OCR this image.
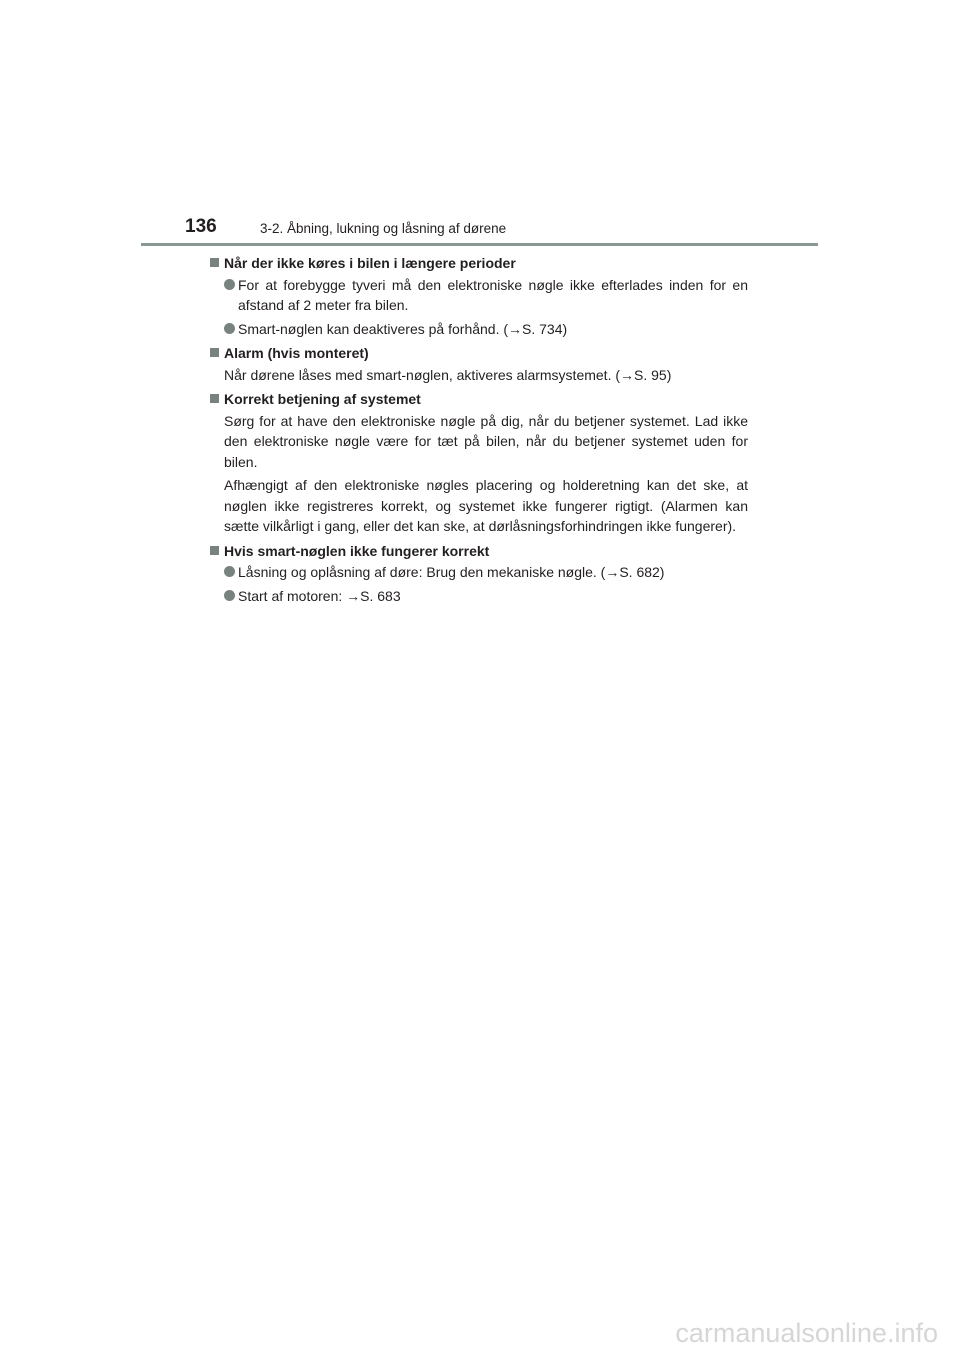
136	3-2. Åbning, lukning og låsning af dørene
Når der ikke køres i bilen i længere perioder
For at forebygge tyveri må den elektroniske nøgle ikke efterlades inden for en afstand af 2 meter fra bilen.
Smart-nøglen kan deaktiveres på forhånd. (→S. 734)
Alarm (hvis monteret)
Når dørene låses med smart-nøglen, aktiveres alarmsystemet. (→S. 95)
Korrekt betjening af systemet
Sørg for at have den elektroniske nøgle på dig, når du betjener systemet. Lad ikke den elektroniske nøgle være for tæt på bilen, når du betjener systemet uden for bilen.
Afhængigt af den elektroniske nøgles placering og holderetning kan det ske, at nøglen ikke registreres korrekt, og systemet ikke fungerer rigtigt. (Alarmen kan sætte vilkårligt i gang, eller det kan ske, at dørlåsningsforhindringen ikke fungerer).
Hvis smart-nøglen ikke fungerer korrekt
Låsning og oplåsning af døre: Brug den mekaniske nøgle. (→S. 682)
Start af motoren: →S. 683
carmanualsonline.info
